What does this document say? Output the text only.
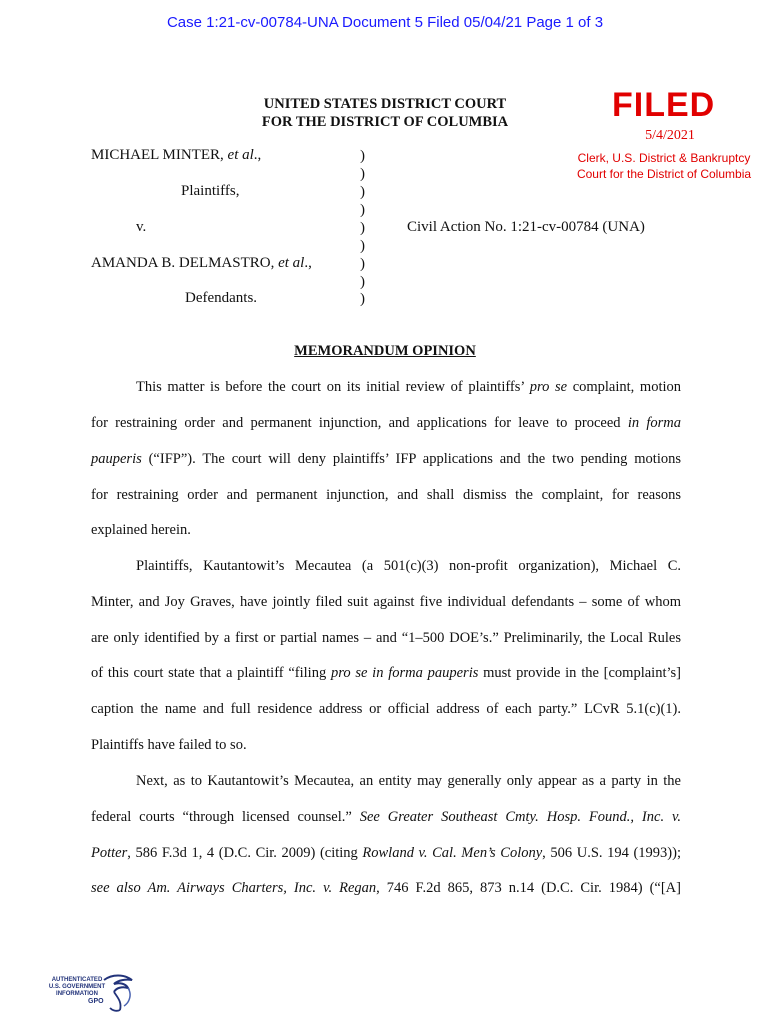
Case 1:21-cv-00784-UNA Document 5 Filed 05/04/21 Page 1 of 3
UNITED STATES DISTRICT COURT
FOR THE DISTRICT OF COLUMBIA	FILED
5/4/2021
Clerk, U.S. District & Bankruptcy
Court for the District of Columbia
MICHAEL MINTER, et al.,
Plaintiffs,
v.
AMANDA B. DELMASTRO, et al.,
Defendants.
Civil Action No. 1:21-cv-00784 (UNA)
)
)
)
)
)
)
)
)
)
MEMORANDUM OPINION
This matter is before the court on its initial review of plaintiffs’ pro se complaint, motion
for restraining order and permanent injunction, and applications for leave to proceed in forma
pauperis (“IFP”). The court will deny plaintiffs’ IFP applications and the two pending motions
for restraining order and permanent injunction, and shall dismiss the complaint, for reasons
explained herein.
Plaintiffs, Kautantowit’s Mecautea (a 501(c)(3) non-profit organization), Michael C.
Minter, and Joy Graves, have jointly filed suit against five individual defendants – some of whom
are only identified by a first or partial names – and “1–500 DOE’s.” Preliminarily, the Local Rules
of this court state that a plaintiff “filing pro se in forma pauperis must provide in the [complaint’s]
caption the name and full residence address or official address of each party.” LCvR 5.1(c)(1).
Plaintiffs have failed to so.
Next, as to Kautantowit’s Mecautea, an entity may generally only appear as a party in the
federal courts “through licensed counsel.” See Greater Southeast Cmty. Hosp. Found., Inc. v.
Potter, 586 F.3d 1, 4 (D.C. Cir. 2009) (citing Rowland v. Cal. Men’s Colony, 506 U.S. 194 (1993));
see also Am. Airways Charters, Inc. v. Regan, 746 F.2d 865, 873 n.14 (D.C. Cir. 1984) (“[A]
AUTHENTICATED
U.S. GOVERNMENT
INFORMATION
GPO
